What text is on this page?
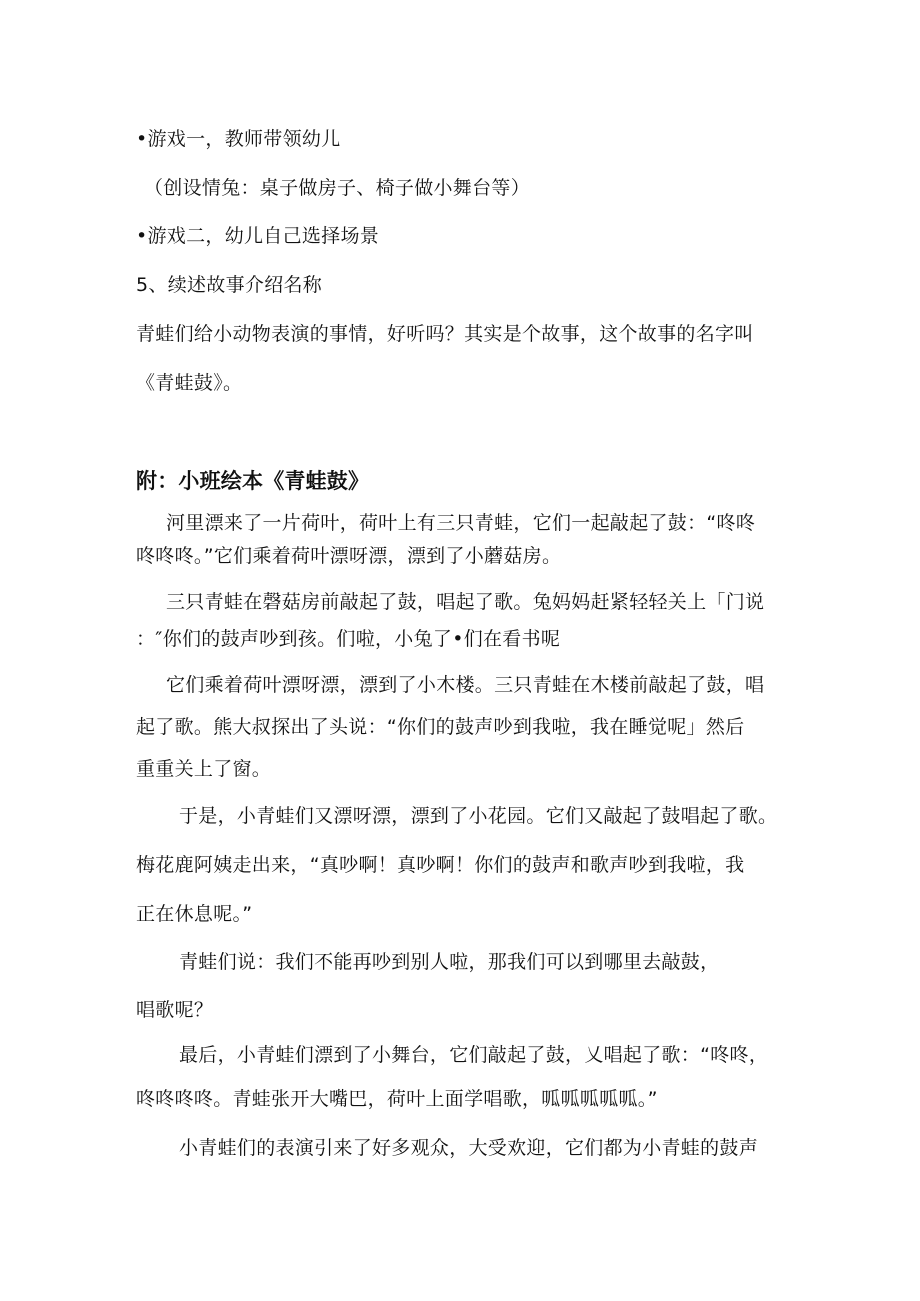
•游戏一，教师带领幼儿
（创设情兔：桌子做房子、椅子做小舞台等）
•游戏二，幼儿自己选择场景
5、续述故事介绍名称
青蛙们给小动物表演的事情，好听吗？其实是个故事，这个故事的名字叫
《青蛙鼓》。
附：小班绘本《青蛙鼓》
河里漂来了一片荷叶，荷叶上有三只青蛙，它们一起敲起了鼓：“咚咚
咚咚咚。”它们乘着荷叶漂呀漂，漂到了小蘑菇房。
三只青蛙在磬菇房前敲起了鼓，唱起了歌。兔妈妈赶紧轻轻关上「门说
：″你们的鼓声吵到孩。们啦，小兔了•们在看书呢
它们乘着荷叶漂呀漂，漂到了小木楼。三只青蛙在木楼前敲起了鼓，唱
起了歌。熊大叔探出了头说：“你们的鼓声吵到我啦，我在睡觉呢」然后
重重关上了窗。
于是，小青蛙们又漂呀漂，漂到了小花园。它们又敲起了鼓唱起了歌。
梅花鹿阿姨走出来，“真吵啊！真吵啊！你们的鼓声和歌声吵到我啦，我
正在休息呢。”
青蛙们说：我们不能再吵到别人啦，那我们可以到哪里去敲鼓，
唱歌呢？
最后，小青蛙们漂到了小舞台，它们敲起了鼓，乂唱起了歌：“咚咚，
咚咚咚咚。青蛙张开大嘴巴，荷叶上面学唱歌，呱呱呱呱呱。”
小青蛙们的表演引来了好多观众，大受欢迎，它们都为小青蛙的鼓声
